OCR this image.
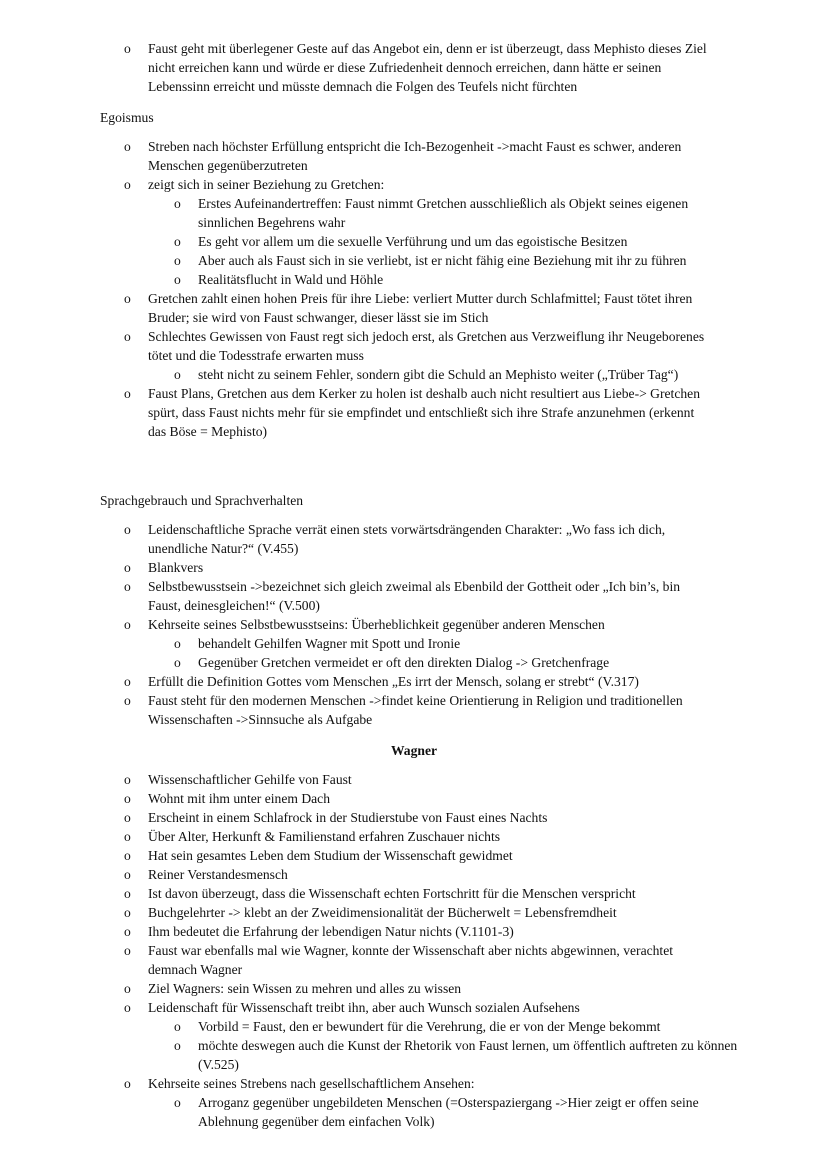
o Faust geht mit überlegener Geste auf das Angebot ein, denn er ist überzeugt, dass Mephisto dieses Ziel nicht erreichen kann und würde er diese Zufriedenheit dennoch erreichen, dann hätte er seinen Lebenssinn erreicht und müsste demnach die Folgen des Teufels nicht fürchten
Egoismus
o Streben nach höchster Erfüllung entspricht die Ich-Bezogenheit ->macht Faust es schwer, anderen Menschen gegenüberzutreten
o zeigt sich in seiner Beziehung zu Gretchen:
o Erstes Aufeinandertreffen: Faust nimmt Gretchen ausschließlich als Objekt seines eigenen sinnlichen Begehrens wahr
o Es geht vor allem um die sexuelle Verführung und um das egoistische Besitzen
o Aber auch als Faust sich in sie verliebt, ist er nicht fähig eine Beziehung mit ihr zu führen
o Realitätsflucht in Wald und Höhle
o Gretchen zahlt einen hohen Preis für ihre Liebe: verliert Mutter durch Schlafmittel; Faust tötet ihren Bruder; sie wird von Faust schwanger, dieser lässt sie im Stich
o Schlechtes Gewissen von Faust regt sich jedoch erst, als Gretchen aus Verzweiflung ihr Neugeborenes tötet und die Todesstrafe erwarten muss
o steht nicht zu seinem Fehler, sondern gibt die Schuld an Mephisto weiter („Trüber Tag“)
o Faust Plans, Gretchen aus dem Kerker zu holen ist deshalb auch nicht resultiert aus Liebe-> Gretchen spürt, dass Faust nichts mehr für sie empfindet und entschließt sich ihre Strafe anzunehmen (erkennt das Böse = Mephisto)
Sprachgebrauch und Sprachverhalten
o Leidenschaftliche Sprache verrät einen stets vorwärtsdrängenden Charakter: „Wo fass ich dich, unendliche Natur?“ (V.455)
o Blankvers
o Selbstbewusstsein ->bezeichnet sich gleich zweimal als Ebenbild der Gottheit oder „Ich bin’s, bin Faust, deinesgleichen!“ (V.500)
o Kehrseite seines Selbstbewusstseins: Überheblichkeit gegenüber anderen Menschen
o behandelt Gehilfen Wagner mit Spott und Ironie
o Gegenüber Gretchen vermeidet er oft den direkten Dialog -> Gretchenfrage
o Erfüllt die Definition Gottes vom Menschen „Es irrt der Mensch, solang er strebt“ (V.317)
o Faust steht für den modernen Menschen ->findet keine Orientierung in Religion und traditionellen Wissenschaften ->Sinnsuche als Aufgabe
Wagner
o Wissenschaftlicher Gehilfe von Faust
o Wohnt mit ihm unter einem Dach
o Erscheint in einem Schlafrock in der Studierstube von Faust eines Nachts
o Über Alter, Herkunft & Familienstand erfahren Zuschauer nichts
o Hat sein gesamtes Leben dem Studium der Wissenschaft gewidmet
o Reiner Verstandesmensch
o Ist davon überzeugt, dass die Wissenschaft echten Fortschritt für die Menschen verspricht
o Buchgelehrter -> klebt an der Zweidimensionalität der Bücherwelt = Lebensfremdheit
o Ihm bedeutet die Erfahrung der lebendigen Natur nichts (V.1101-3)
o Faust war ebenfalls mal wie Wagner, konnte der Wissenschaft aber nichts abgewinnen, verachtet demnach Wagner
o Ziel Wagners: sein Wissen zu mehren und alles zu wissen
o Leidenschaft für Wissenschaft treibt ihn, aber auch Wunsch sozialen Aufsehens
o Vorbild = Faust, den er bewundert für die Verehrung, die er von der Menge bekommt
o möchte deswegen auch die Kunst der Rhetorik von Faust lernen, um öffentlich auftreten zu können (V.525)
o Kehrseite seines Strebens nach gesellschaftlichem Ansehen:
o Arroganz gegenüber ungebildeten Menschen (=Osterspaziergang ->Hier zeigt er offen seine Ablehnung gegenüber dem einfachen Volk)
